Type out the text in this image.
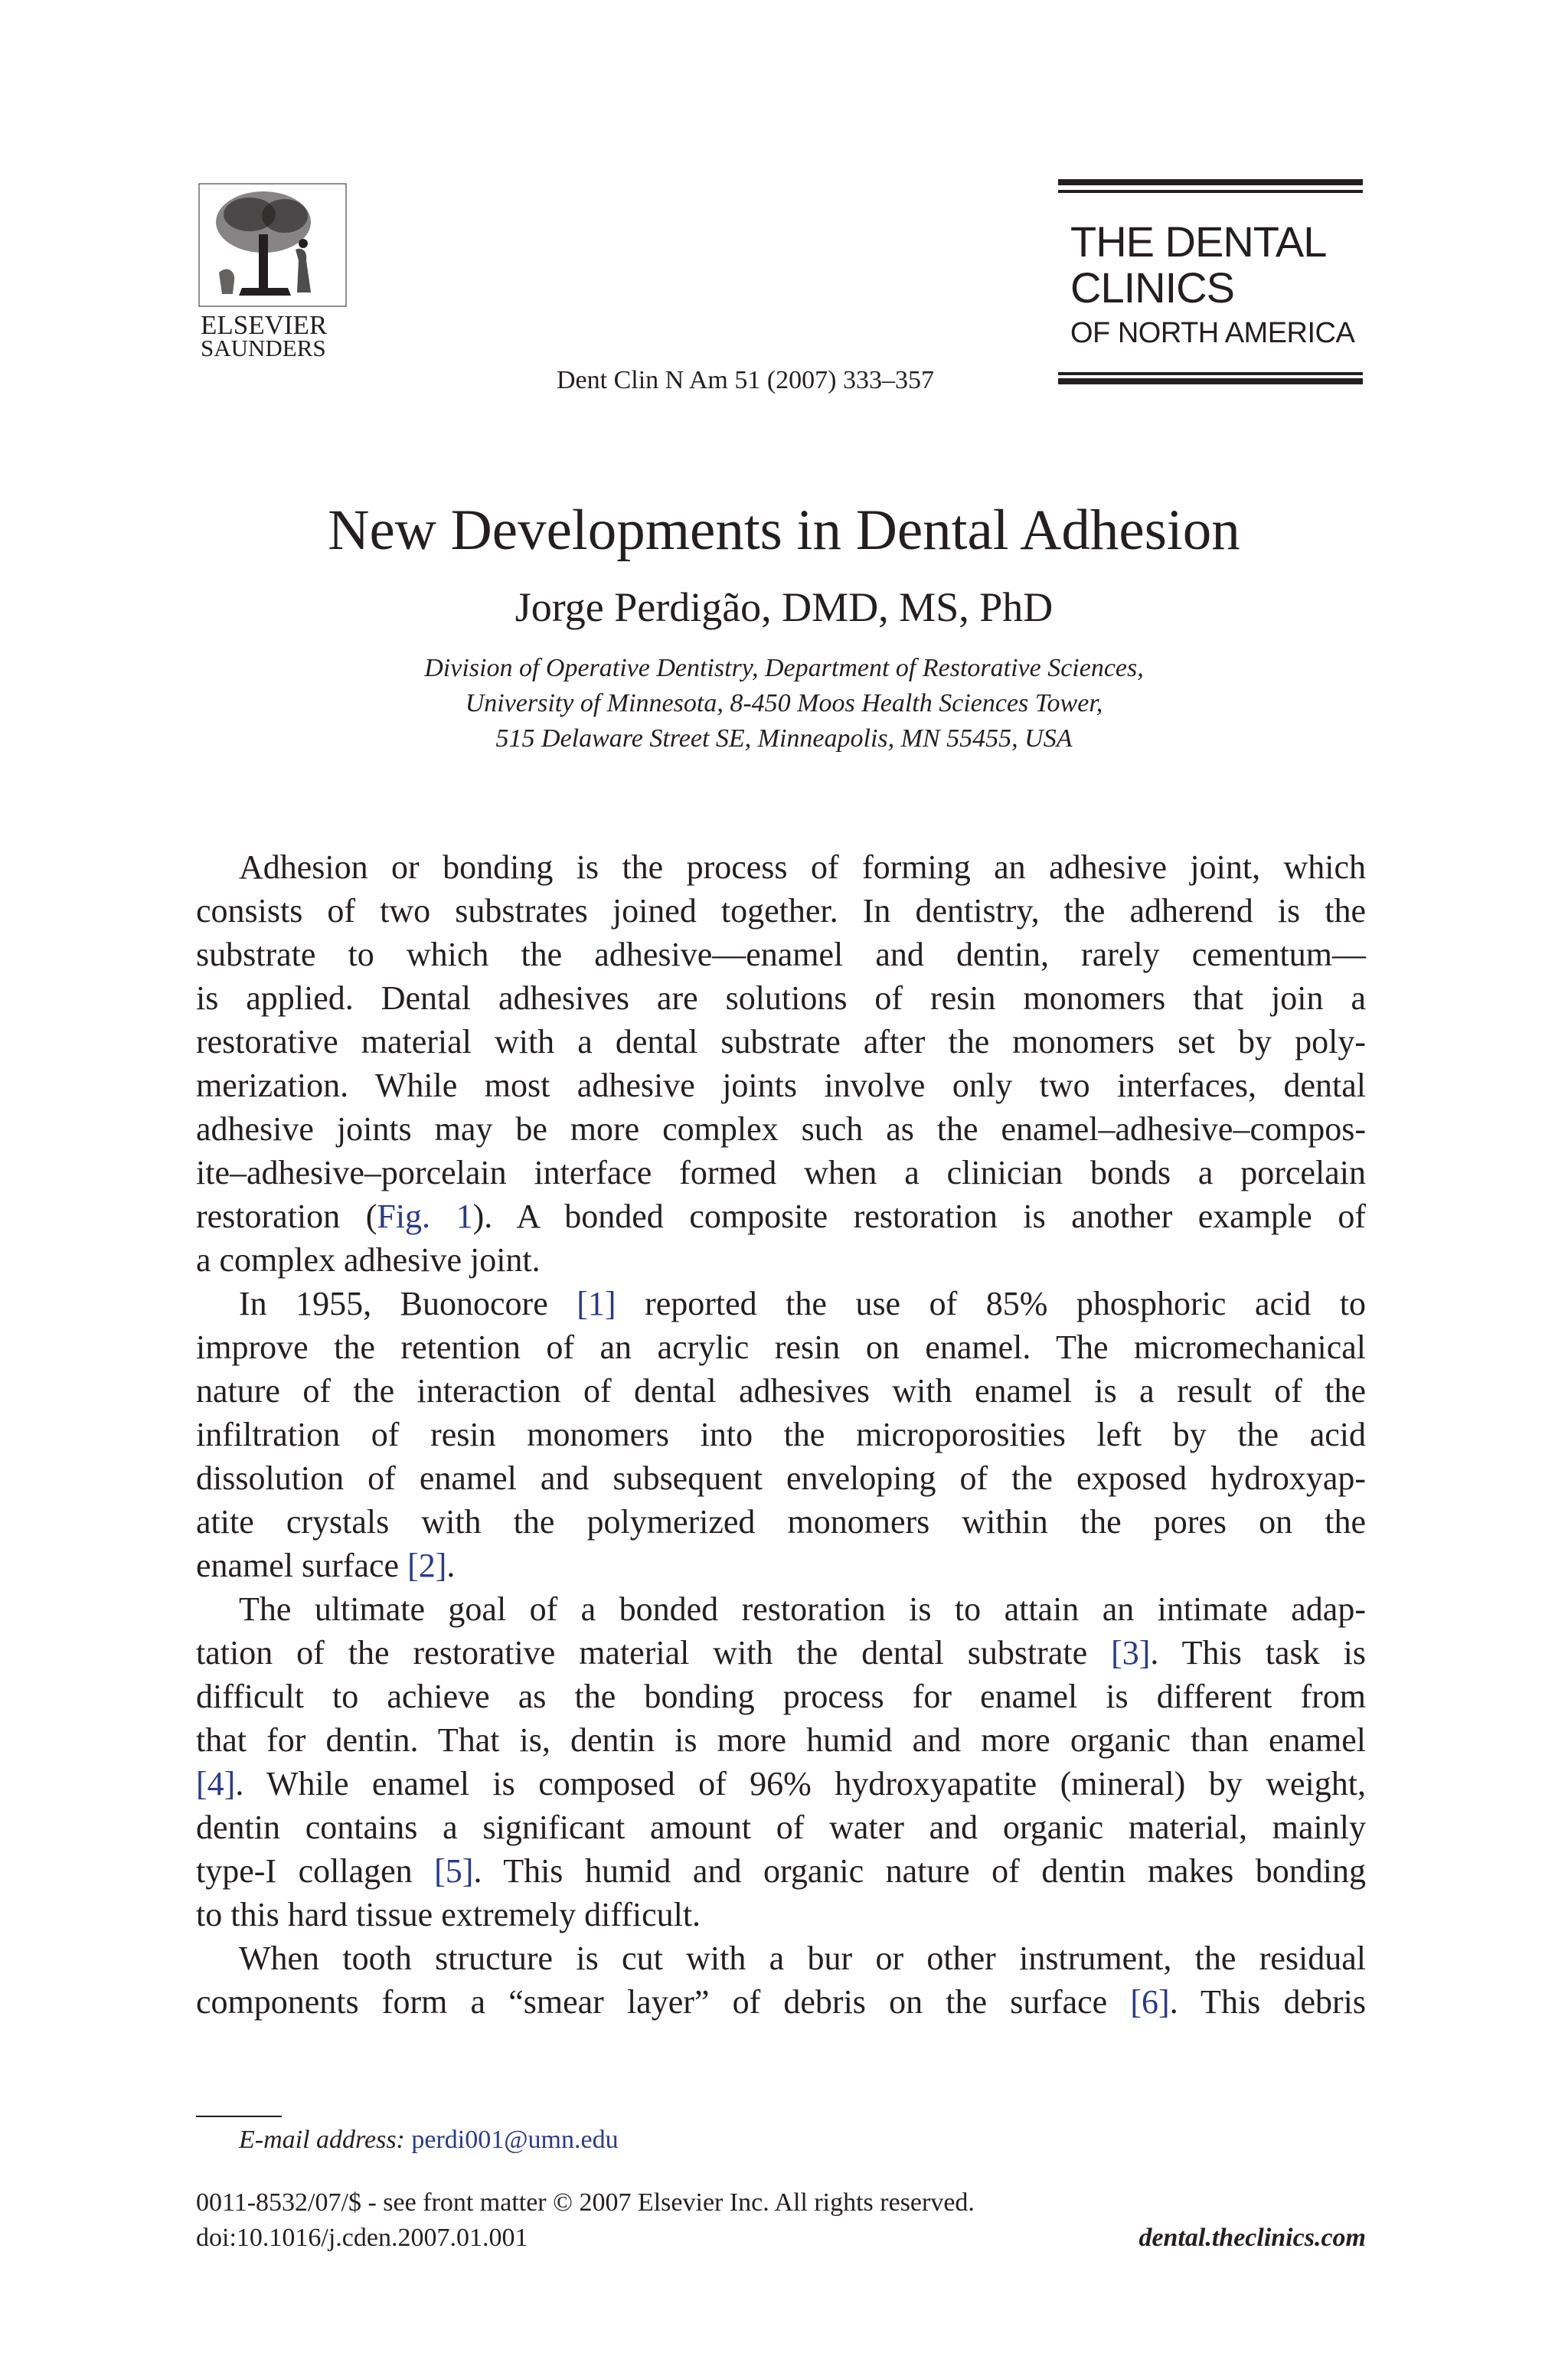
ELSEVIER
SAUNDERS
Dent Clin N Am 51 (2007) 333–357
THE DENTAL
CLINICS
OF NORTH AMERICA
New Developments in Dental Adhesion
Jorge Perdigão, DMD, MS, PhD
Division of Operative Dentistry, Department of Restorative Sciences,
University of Minnesota, 8-450 Moos Health Sciences Tower,
515 Delaware Street SE, Minneapolis, MN 55455, USA
Adhesion or bonding is the process of forming an adhesive joint, which
consists of two substrates joined together. In dentistry, the adherend is the
substrate to which the adhesive—enamel and dentin, rarely cementum—
is applied. Dental adhesives are solutions of resin monomers that join a
restorative material with a dental substrate after the monomers set by poly-
merization. While most adhesive joints involve only two interfaces, dental
adhesive joints may be more complex such as the enamel–adhesive–compos-
ite–adhesive–porcelain interface formed when a clinician bonds a porcelain
restoration (Fig. 1). A bonded composite restoration is another example of
a complex adhesive joint.
In 1955, Buonocore [1] reported the use of 85% phosphoric acid to
improve the retention of an acrylic resin on enamel. The micromechanical
nature of the interaction of dental adhesives with enamel is a result of the
infiltration of resin monomers into the microporosities left by the acid
dissolution of enamel and subsequent enveloping of the exposed hydroxyap-
atite crystals with the polymerized monomers within the pores on the
enamel surface [2].
The ultimate goal of a bonded restoration is to attain an intimate adap-
tation of the restorative material with the dental substrate [3]. This task is
difficult to achieve as the bonding process for enamel is different from
that for dentin. That is, dentin is more humid and more organic than enamel
[4]. While enamel is composed of 96% hydroxyapatite (mineral) by weight,
dentin contains a significant amount of water and organic material, mainly
type-I collagen [5]. This humid and organic nature of dentin makes bonding
to this hard tissue extremely difficult.
When tooth structure is cut with a bur or other instrument, the residual
components form a “smear layer” of debris on the surface [6]. This debris
E-mail address: perdi001@umn.edu
0011-8532/07/$ - see front matter © 2007 Elsevier Inc. All rights reserved.
doi:10.1016/j.cden.2007.01.001	dental.theclinics.com
